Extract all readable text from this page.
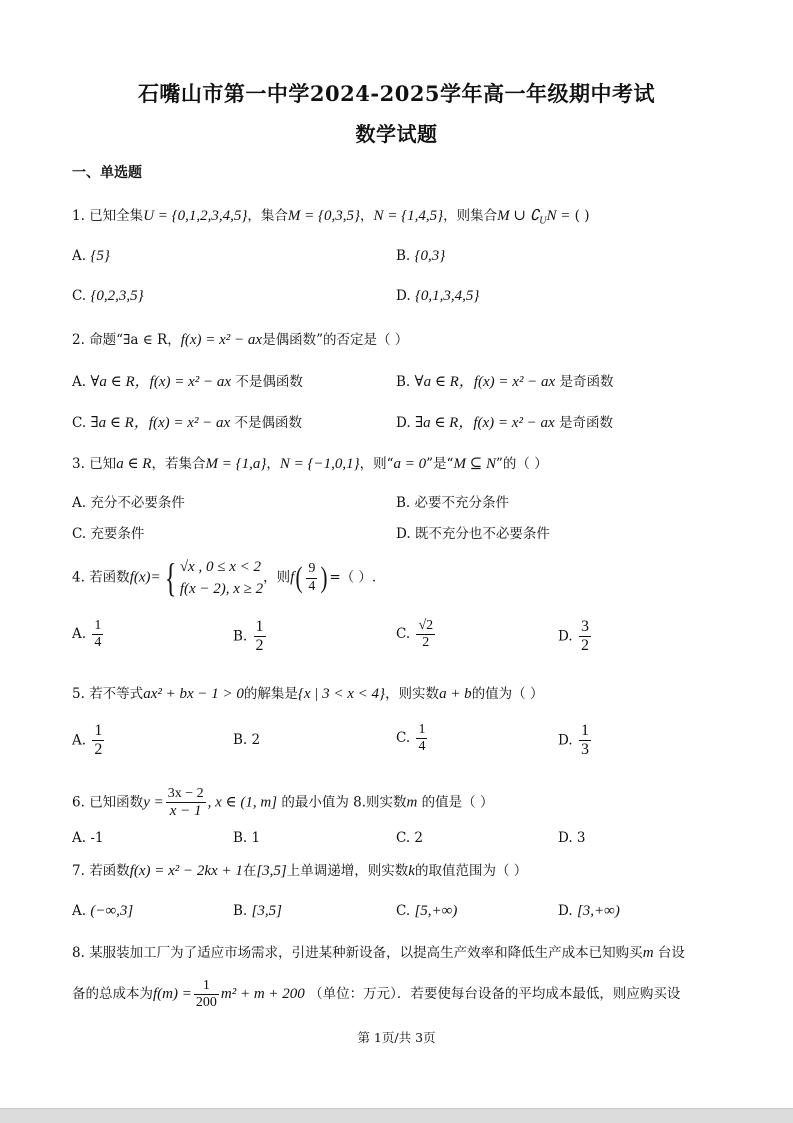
石嘴山市第一中学2024-2025学年高一年级期中考试
数学试题
一、单选题
1. 已知全集U = {0,1,2,3,4,5}，集合M = {0,3,5}，N = {1,4,5}，则集合M ∪ $∁_UN$ = ( )
A. {5}	B. {0,3}
C. {0,2,3,5}	D. {0,1,3,4,5}
2. 命题“∃a ∈ R，f(x) = x² − ax是偶函数”的否定是（ ）
A. ∀a ∈ R，f(x) = x² − ax 不是偶函数	B. ∀a ∈ R，f(x) = x² − ax 是奇函数
C. ∃a ∈ R，f(x) = x² − ax 不是偶函数	D. ∃a ∈ R，f(x) = x² − ax 是奇函数
3. 已知a ∈ R，若集合M = {1,a}，N = {−1,0,1}，则“a = 0”是“M ⊆ N”的（ ）
A. 充分不必要条件	B. 必要不充分条件
C. 充要条件	D. 既不充分也不必要条件
4. 若函数f(x)={ √x , 0 ≤ x < 2
f(x − 2), x ≥ 2
，则$f( \frac{9}{4}$ ) =（ ）.
A. $\frac{1}{4}$	B. $\frac{1}{2}$	C. $\frac{√2}{2}$	D. $\frac{3}{2}$
5. 若不等式ax² + bx − 1 > 0的解集是{x | 3 < x < 4}，则实数a + b的值为（ ）
A. $\frac{1}{2}$	B. 2	C. $\frac{1}{4}$	D. $\frac{1}{3}$
6. 已知函数$y = \frac{3x - 2}{x - 1}$ , x ∈ (1, m] 的最小值为 8.则实数m 的值是（ ）
A. -1	B. 1	C. 2	D. 3
7. 若函数f(x) = x² − 2kx + 1在[3,5]上单调递增，则实数k的取值范围为（ ）
A. (−∞,3]	B. [3,5]	C. [5,+∞)	D. [3,+∞)
8. 某服装加工厂为了适应市场需求，引进某种新设备，以提高生产效率和降低生产成本已知购买m 台设
备的总成本为$f(m) = \frac{1}{200} m^2 + m + 200$ （单位：万元）．若要使每台设备的平均成本最低，则应购买设
第 1页/共 3页
